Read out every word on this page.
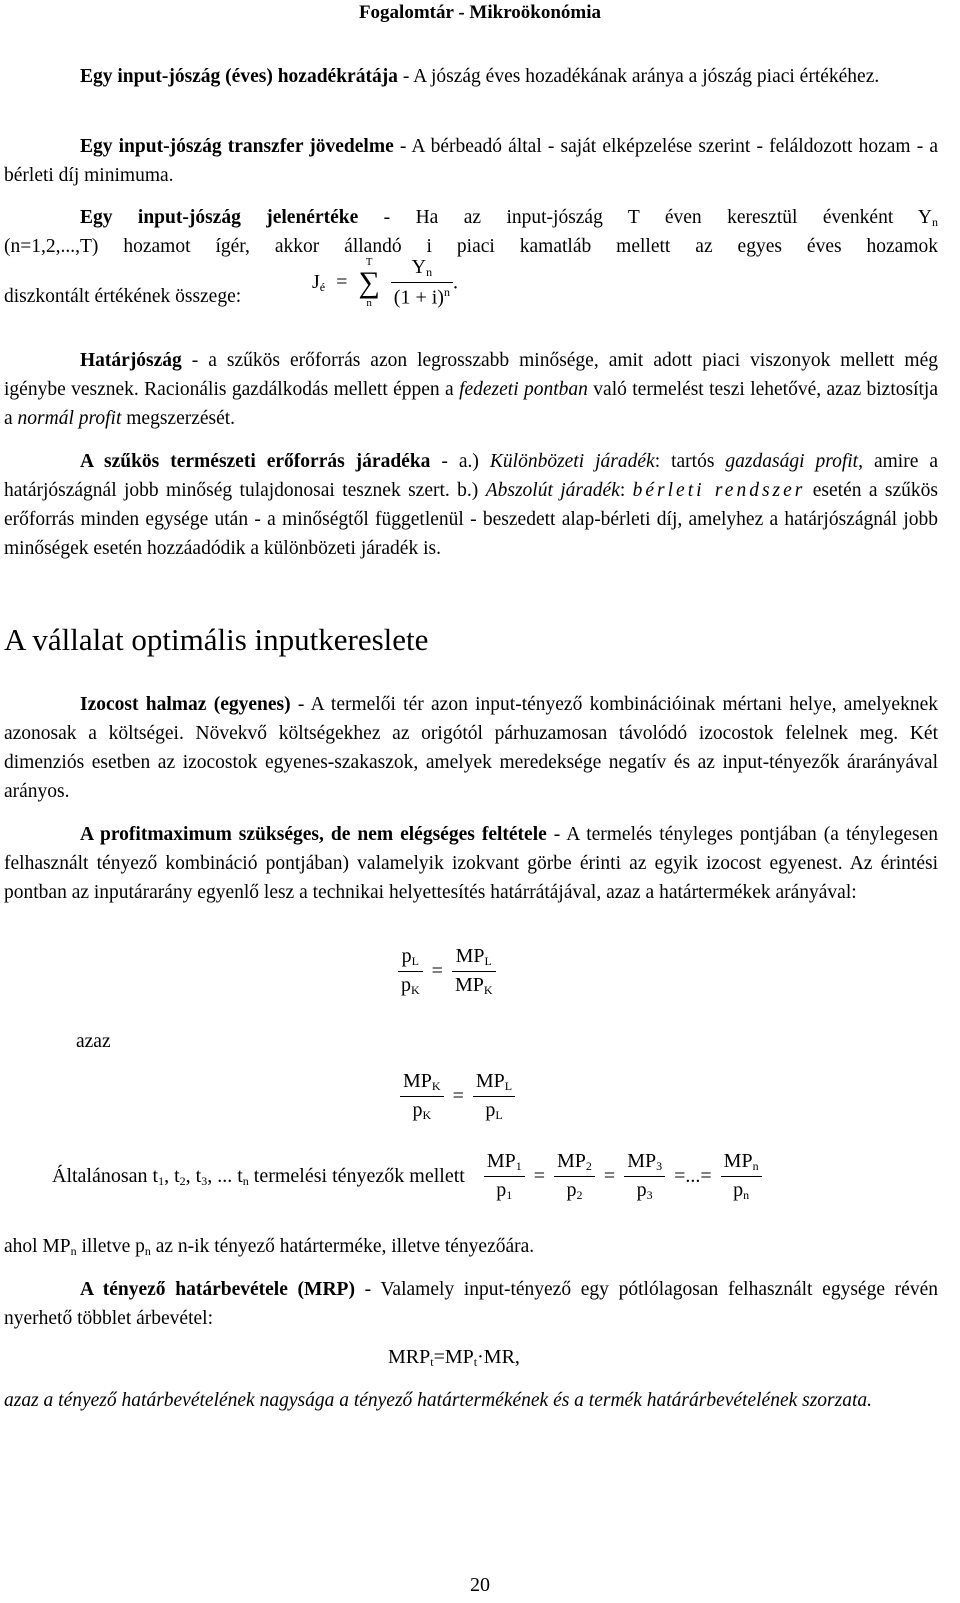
Fogalomtár - Mikroökonómia
Egy input-jószág (éves) hozadékrátája - A jószág éves hozadékának aránya a jószág piaci értékéhez.
Egy input-jószág transzfer jövedelme - A bérbeadó által - saját elképzelése szerint - feláldozott hozam - a bérleti díj minimuma.
Egy input-jószág jelenértéke - Ha az input-jószág T éven keresztül évenként $Y_n$
(n=1,2,...,T) hozamot ígér, akkor állandó i piaci kamatláb mellett az egyes éves hozamok
diszkontált értékének összege:
$J_é$ =
T
∑
n
$\frac{Y_n}{(1 + i)^n}$ .
Határjószág - a szűkös erőforrás azon legrosszabb minősége, amit adott piaci viszonyok mellett még igénybe vesznek. Racionális gazdálkodás mellett éppen a fedezeti pontban való termelést teszi lehetővé, azaz biztosítja a normál profit megszerzését.
A szűkös természeti erőforrás járadéka - a.) Különbözeti járadék: tartós gazdasági profit, amire a határjószágnál jobb minőség tulajdonosai tesznek szert. b.) Abszolút járadék: bérleti rendszer esetén a szűkös erőforrás minden egysége után - a minőségtől függetlenül - beszedett alap-bérleti díj, amelyhez a határjószágnál jobb minőségek esetén hozzáadódik a különbözeti járadék is.
A vállalat optimális inputkereslete
Izocost halmaz (egyenes) - A termelői tér azon input-tényező kombinációinak mértani helye, amelyeknek azonosak a költségei. Növekvő költségekhez az origótól párhuzamosan távolódó izocostok felelnek meg. Két dimenziós esetben az izocostok egyenes-szakaszok, amelyek meredeksége negatív és az input-tényezők árarányával arányos.
A profitmaximum szükséges, de nem elégséges feltétele - A termelés tényleges pontjában (a ténylegesen felhasznált tényező kombináció pontjában) valamelyik izokvant görbe érinti az egyik izocost egyenest. Az érintési pontban az inputárarány egyenlő lesz a technikai helyettesítés határrátájával, azaz a határtermékek arányával:
$\frac{p_L}{p_K} = \frac{MP_L}{MP_K}$
azaz
$\frac{MP_K}{p_K} = \frac{MP_L}{p_L}$
Általánosan $t_1$, $t_2$, $t_3$, ... $t_n$ termelési tényezők mellett $\frac{MP_1}{p_1} = \frac{MP_2}{p_2} = \frac{MP_3}{p_3}$ =...= $\frac{MP_n}{p_n}$
ahol $MP_n$ illetve $p_n$ az n-ik tényező határterméke, illetve tényezőára.
A tényező határbevétele (MRP) - Valamely input-tényező egy pótlólagosan felhasznált egysége révén nyerhető többlet árbevétel:
$MRP_t=MP_t\cdot MR$,
azaz a tényező határbevételének nagysága a tényező határtermékének és a termék határárbevételének szorzata.
20
